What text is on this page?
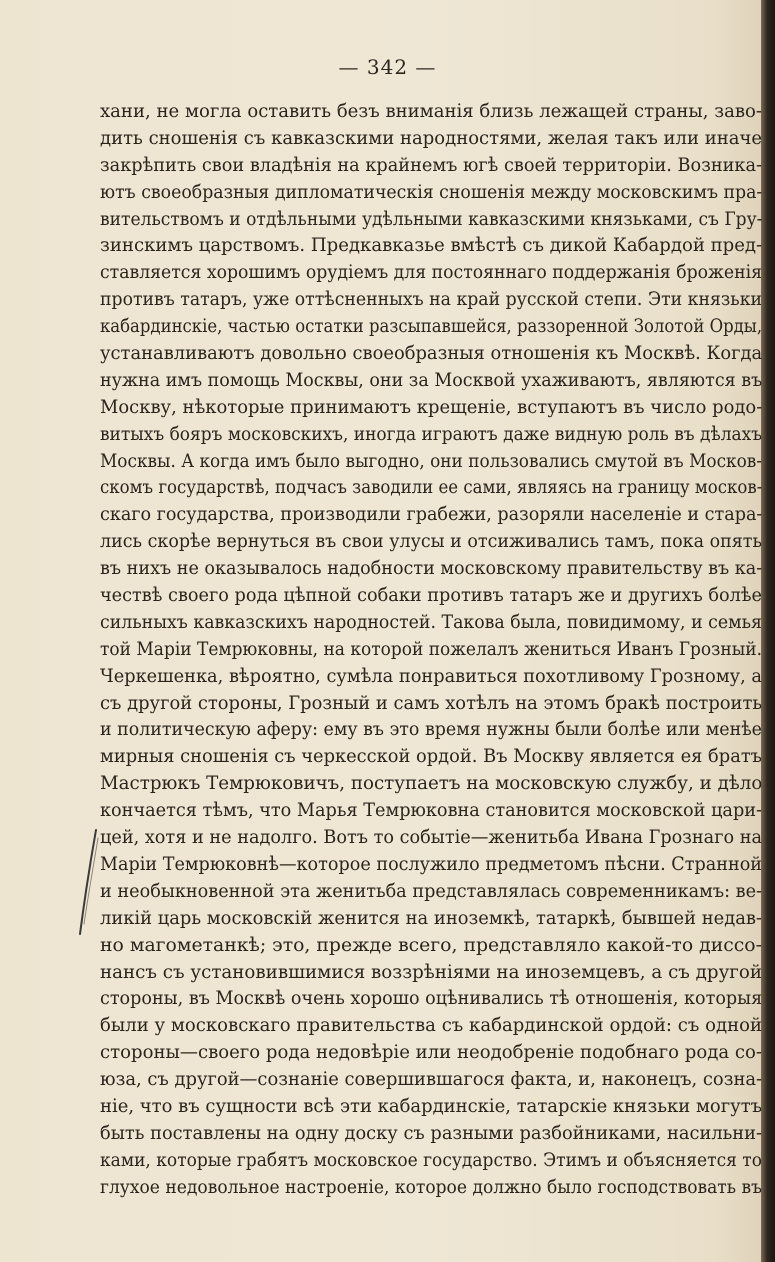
— 342 —
хани, не могла оставить безъ вниманія близь лежащей страны, заво-
дить сношенія съ кавказскими народностями, желая такъ или иначе
закрѣпить свои владѣнія на крайнемъ югѣ своей территоріи. Возника-
ютъ своеобразныя дипломатическія сношенія между московскимъ пра-
вительствомъ и отдѣльными удѣльными кавказскими князьками, съ Гру-
зинскимъ царствомъ. Предкавказье вмѣстѣ съ дикой Кабардой пред-
ставляется хорошимъ орудіемъ для постояннаго поддержанія броженія
противъ татаръ, уже оттѣсненныхъ на край русской степи. Эти князьки
кабардинскіе, частью остатки разсыпавшейся, раззоренной Золотой Орды,
устанавливаютъ довольно своеобразныя отношенія къ Москвѣ. Когда
нужна имъ помощь Москвы, они за Москвой ухаживаютъ, являются въ
Москву, нѣкоторые принимаютъ крещеніе, вступаютъ въ число родо-
витыхъ бояръ московскихъ, иногда играютъ даже видную роль въ дѣлахъ
Москвы. А когда имъ было выгодно, они пользовались смутой въ Москов-
скомъ государствѣ, подчасъ заводили ее сами, являясь на границу москов-
скаго государства, производили грабежи, разоряли населеніе и стара-
лись скорѣе вернуться въ свои улусы и отсиживались тамъ, пока опять
въ нихъ не оказывалось надобности московскому правительству въ ка-
чествѣ своего рода цѣпной собаки противъ татаръ же и другихъ болѣе
сильныхъ кавказскихъ народностей. Такова была, повидимому, и семья
той Маріи Темрюковны, на которой пожелалъ жениться Иванъ Грозный.
Черкешенка, вѣроятно, сумѣла понравиться похотливому Грозному, а
съ другой стороны, Грозный и самъ хотѣлъ на этомъ бракѣ построить
и политическую аферу: ему въ это время нужны были болѣе или менѣе
мирныя сношенія съ черкесской ордой. Въ Москву является ея братъ
Мастрюкъ Темрюковичъ, поступаетъ на московскую службу, и дѣло
кончается тѣмъ, что Марья Темрюковна становится московской цари-
цей, хотя и не надолго. Вотъ то событіе—женитьба Ивана Грознаго на
Маріи Темрюковнѣ—которое послужило предметомъ пѣсни. Странной
и необыкновенной эта женитьба представлялась современникамъ: ве-
ликій царь московскій женится на иноземкѣ, татаркѣ, бывшей недав-
но магометанкѣ; это, прежде всего, представляло какой-то диссо-
нансъ съ установившимися воззрѣніями на иноземцевъ, а съ другой
стороны, въ Москвѣ очень хорошо оцѣнивались тѣ отношенія, которыя
были у московскаго правительства съ кабардинской ордой: съ одной
стороны—своего рода недовѣріе или неодобреніе подобнаго рода со-
юза, съ другой—сознаніе совершившагося факта, и, наконецъ, созна-
ніе, что въ сущности всѣ эти кабардинскіе, татарскіе князьки могутъ
быть поставлены на одну доску съ разными разбойниками, насильни-
ками, которые грабятъ московское государство. Этимъ и объясняется то
глухое недовольное настроеніе, которое должно было господствовать въ
